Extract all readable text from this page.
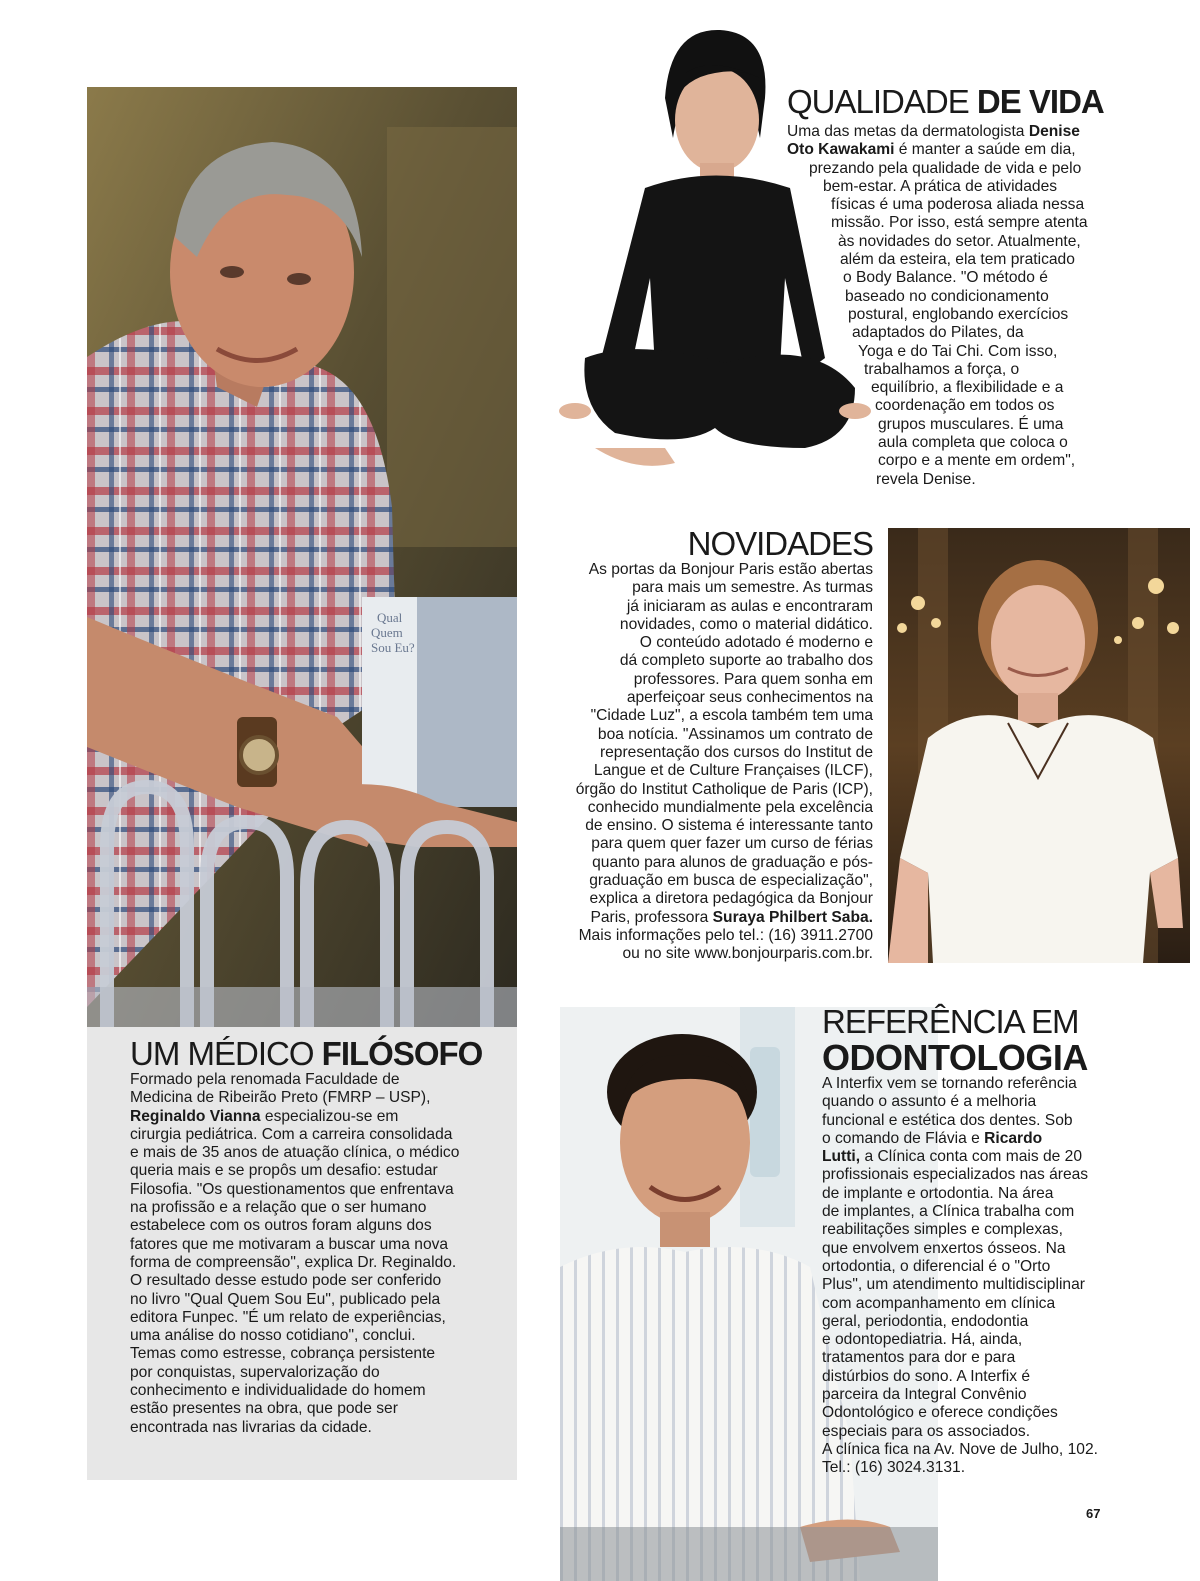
Qual
Quem
Sou Eu?
QUALIDADE DE VIDA
Uma das metas da dermatologista Denise
Oto Kawakami é manter a saúde em dia,
prezando pela qualidade de vida e pelo
bem-estar. A prática de atividades
físicas é uma poderosa aliada nessa
missão. Por isso, está sempre atenta
às novidades do setor. Atualmente,
além da esteira, ela tem praticado
o Body Balance. "O método é
baseado no condicionamento
postural, englobando exercícios
adaptados do Pilates, da
Yoga e do Tai Chi. Com isso,
trabalhamos a força, o
equilíbrio, a flexibilidade e a
coordenação em todos os
grupos musculares. É uma
aula completa que coloca o
corpo e a mente em ordem",
revela Denise.
NOVIDADES
As portas da Bonjour Paris estão abertas
para mais um semestre. As turmas
já iniciaram as aulas e encontraram
novidades, como o material didático.
O conteúdo adotado é moderno e
dá completo suporte ao trabalho dos
professores. Para quem sonha em
aperfeiçoar seus conhecimentos na
"Cidade Luz", a escola também tem uma
boa notícia. "Assinamos um contrato de
representação dos cursos do Institut de
Langue et de Culture Françaises (ILCF),
órgão do Institut Catholique de Paris (ICP),
conhecido mundialmente pela excelência
de ensino. O sistema é interessante tanto
para quem quer fazer um curso de férias
quanto para alunos de graduação e pós-
graduação em busca de especialização",
explica a diretora pedagógica da Bonjour
Paris, professora Suraya Philbert Saba.
Mais informações pelo tel.: (16) 3911.2700
ou no site www.bonjourparis.com.br.
UM MÉDICO FILÓSOFO
Formado pela renomada Faculdade de
Medicina de Ribeirão Preto (FMRP – USP),
Reginaldo Vianna especializou-se em
cirurgia pediátrica. Com a carreira consolidada
e mais de 35 anos de atuação clínica, o médico
queria mais e se propôs um desafio: estudar
Filosofia. "Os questionamentos que enfrentava
na profissão e a relação que o ser humano
estabelece com os outros foram alguns dos
fatores que me motivaram a buscar uma nova
forma de compreensão", explica Dr. Reginaldo.
O resultado desse estudo pode ser conferido
no livro "Qual Quem Sou Eu", publicado pela
editora Funpec. "É um relato de experiências,
uma análise do nosso cotidiano", conclui.
Temas como estresse, cobrança persistente
por conquistas, supervalorização do
conhecimento e individualidade do homem
estão presentes na obra, que pode ser
encontrada nas livrarias da cidade.
REFERÊNCIA EM
ODONTOLOGIA
A Interfix vem se tornando referência
quando o assunto é a melhoria
funcional e estética dos dentes. Sob
o comando de Flávia e Ricardo
Lutti, a Clínica conta com mais de 20
profissionais especializados nas áreas
de implante e ortodontia. Na área
de implantes, a Clínica trabalha com
reabilitações simples e complexas,
que envolvem enxertos ósseos. Na
ortodontia, o diferencial é o "Orto
Plus", um atendimento multidisciplinar
com acompanhamento em clínica
geral, periodontia, endodontia
e odontopediatria. Há, ainda,
tratamentos para dor e para
distúrbios do sono. A Interfix é
parceira da Integral Convênio
Odontológico e oferece condições
especiais para os associados.
A clínica fica na Av. Nove de Julho, 102.
Tel.: (16) 3024.3131.
67
